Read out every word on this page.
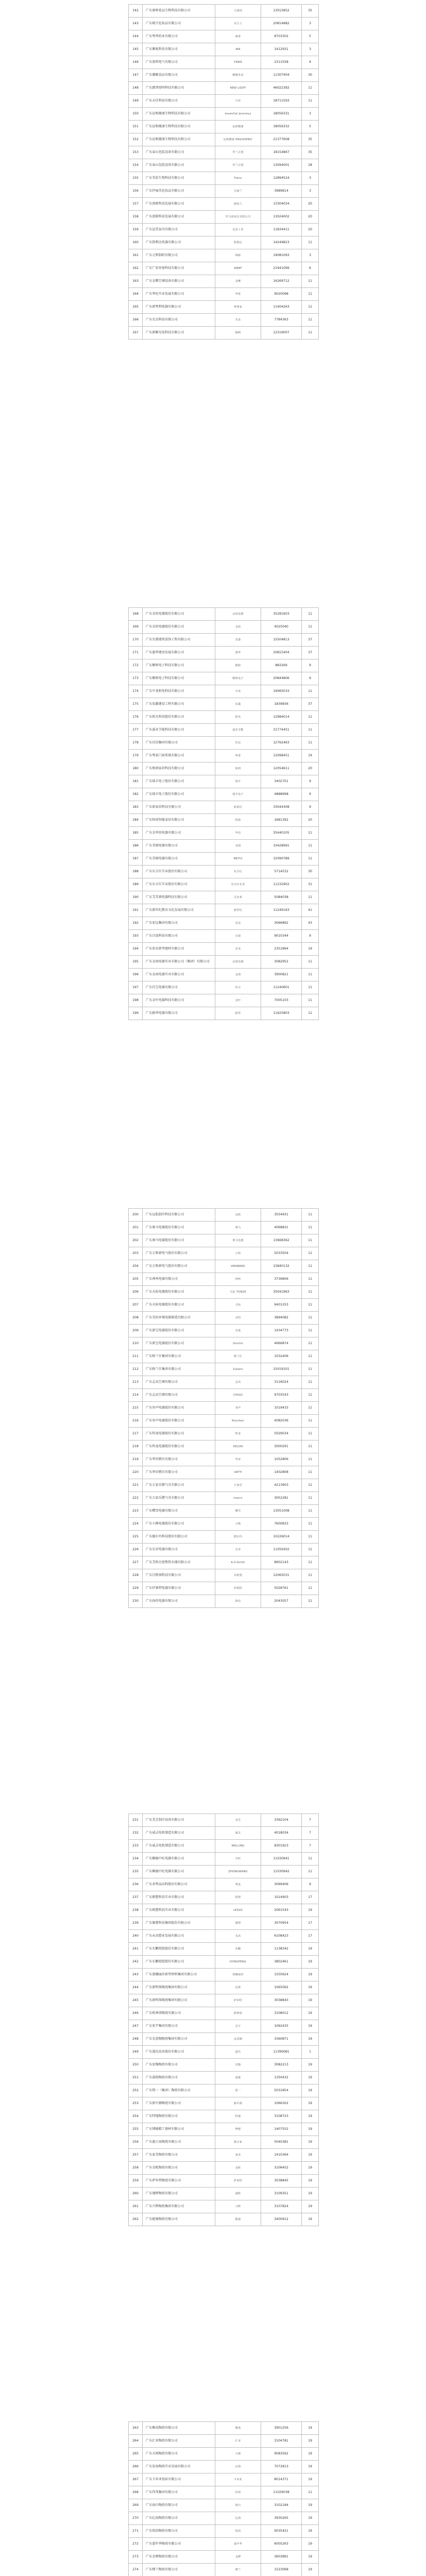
142	广东康帅优品生物科技有限公司	大康国	13015852	35
143	广东联兴化妆品有限公司	美力士	20814882	3
144	广东粤华药业有限公司	康泰	8703302	5
145	广东雅妮科技有限公司	ANI	1412931	3
146	广东盈科电气有限公司	YINKE	2311558	9
147	广东潮顺食品有限公司	顺顺乐动	11307404	30
148	广东朗普照明科技有限公司	NEW LIGHT	46022392	11
149	广东天佳科技有限公司	天佳	18711593	11
150	广东运和健康生物科技有限公司	essential Journeys	18056331	3
151	广东运和健康生物科技有限公司	运和健康	18056332	5
152	广东运和健康生物科技有限公司	运和健康 ERGOGENIC	21377608	35
153	广东泰山包装设备有限公司	罗兰古堡	18154867	35
154	广东泰山包装设备有限公司	罗兰古堡	13094001	18
155	广东美彩生物科技有限公司	Fiano	12894524	3
156	广东伊丽美化妆品有限公司	日丽兰	3989814	3
157	广东创联科技发展有限公司	丽家人	13304034	20
158	广东创联科技发展有限公司	罗马度家具有限公司	13024002	20
159	广东冠美家具有限公司	冠美工业	11834411	20
160	广东凯利达电器有限公司	凯利达	14249823	11
161	广东元利制药有限公司	锦源	19081093	3
162	广东广宏环保科技有限公司	AMBF	21941099	6
163	广东金鹰空调设备有限公司	金鹰	16269712	11
164	广东华伦实业发展有限公司	华伦	9020098	11
165	广东新粤利电器有限公司	粤利家	11404263	11
166	广东光良科技有限公司	光良	7784363	11
167	广东新颖光电科技有限公司	颖利	12319007	11
168	广东金铂电器股份有限公司	金铂电器	35281603	11
169	广东金铂电器股份有限公司	金铂	4025040	11
170	广东星港建筑装饰工程有限公司	星港	15504813	37
171	广东惠华建设发展有限公司	惠华	20815404	37
172	广东顺和电子科技有限公司	顺和	883269	9
173	广东顺和电子科技有限公司	顺和电子	20844806	9
174	广东中龙机电科技有限公司	中龙	19065033	11
175	广东宏鑫建设工程有限公司	宏鑫	1839836	37
176	广东阳光科技股份有限公司	阳光	12984014	11
177	广东嘉业节能科技有限公司	嘉业节能	31774451	11
178	广东佳信集团有限公司	佳信	12762463	11
179	广东粤泰门窗系统有限公司	粤泰	12098451	19
180	广东和润家居科技有限公司	和润	12054611	20
181	广东瑞丰电子股份有限公司	瑞丰	3402701	9
182	广东瑞丰电子股份有限公司	瑞丰电子	4888998	9
183	广东新泰信科技有限公司	新泰信	33044308	9
184	广东柏诺智能家居有限公司	柏诺	1681392	20
185	广东金华信电器有限公司	华信	35440105	11
186	广东美图电器有限公司	美图	10428991	11
187	广东美图电器有限公司	MEITU	15090789	11
188	广东东方红实业股份有限公司	东方红	5714532	30
189	广东东方红实业股份有限公司	东方红农业	11232902	31
190	广东艾美莱电器科技有限公司	艾美莱	5084038	11
191	广东新世纪教育文化发展有限公司	新世纪	11249163	41
192	广东宏远集团有限公司	宏远	3066892	43
193	广东百晟科技有限公司	百晟	9010344	9
194	广东宏业新型建材有限公司	宏业	2351894	19
195	广东金海电器实业有限公司（集团）有限公司	金海电器	3082952	11
196	广东金海电器实业有限公司	金海	3900821	11
197	广东佳宝电器有限公司	佳宝	11240601	11
198	广东金叶电器科技有限公司	金叶	7005103	11
199	广东振华电器有限公司	振华	11625803	11
200	广东远航制冷科技有限公司	远航	3554931	11
201	广东奥马电器股份有限公司	奥马	4068831	11
202	广东奥马电器股份有限公司	奥马电器	13668362	11
203	广东万和新电气股份有限公司	万和	5033504	11
204	广东万和新电气股份有限公司	VANWARD	15840132	11
205	广东神州电器有限公司	神州	3736806	11
206	广东天际电器股份有限公司	天际 TONZE	35041963	11
207	广东天际电器股份有限公司	天际	9401253	11
208	广东美的环境电器制造有限公司	美的	3894082	11
209	广东新宝电器股份有限公司	东菱	1434773	11
210	广东新宝电器股份有限公司	Donlim	4666874	11
211	广东格兰仕集团有限公司	格兰仕	1032406	11
212	广东格兰仕集团有限公司	Galanz	15019101	11
213	广东志高空调有限公司	志高	3116024	11
214	广东志高空调有限公司	CHIGO	9703543	11
215	广东容声电器股份有限公司	容声	1019433	11
216	广东容声电器股份有限公司	Ronshen	4082036	11
217	广东科龙电器股份有限公司	科龙	5029034	11
218	广东科龙电器股份有限公司	KELON	3000291	11
219	广东华帝燃具有限公司	华帝	1052806	11
220	广东华帝燃具有限公司	VATTI	1402808	11
221	广东万家乐燃气具有限公司	万家乐	4213903	11
222	广东万家乐燃气具有限公司	macro	3052281	11
223	广东樱雪电器有限公司	樱雪	13051008	11
224	广东小熊电器股份有限公司	小熊	7600833	11
225	广东德尔玛科技股份有限公司	德尔玛	10226014	11
226	广东长帝电器有限公司	长帝	11059302	11
227	广东艾欧史密斯热水器有限公司	A.O.Smith	8902143	11
228	广东百胜图科技有限公司	百胜图	12065031	11
229	广东伊莱特电器有限公司	伊莱特	5028761	11
230	广东海信电器有限公司	海信	2043057	11
231	广东美芝制冷设备有限公司	美芝	3392104	7
232	广东威灵电机制造有限公司	威灵	4018034	7
233	广东威灵电机制造有限公司	WELLING	8301923	7
234	广东顺德中旺电器有限公司	中旺	11030941	11
235	广东顺德中旺电器有限公司	ZHONGWANG	11030942	11
236	广东省粤晶高科股份有限公司	粤晶	3099406	9
237	广东联塑科技实业有限公司	联塑	1014903	17
238	广东联塑科技实业有限公司	LESSO	2061543	19
239	广东雄塑科技集团股份有限公司	雄塑	3070954	17
240	广东永高塑业发展有限公司	永高	6108423	17
241	广东东鹏控股股份有限公司	东鹏	1138342	19
242	广东东鹏控股股份有限公司	DONGPENG	3802461	19
243	广东蒙娜丽莎新型材料集团有限公司	蒙娜丽莎	1550924	19
244	广东新明珠陶瓷集团有限公司	冠珠	1065092	19
245	广东新明珠陶瓷集团有限公司	萨米特	3038843	19
246	广东欧神诺陶瓷有限公司	欧神诺	3108012	19
247	广东宏宇集团有限公司	宏宇	1092435	19
248	广东金意陶陶瓷集团有限公司	金意陶	3360871	19
249	广东道氏技术股份有限公司	道氏	11390081	1
250	广东宏陶陶瓷有限公司	宏陶	3082213	19
251	广东嘉俊陶瓷有限公司	嘉俊	1350432	19
252	广东简一（集团）陶瓷有限公司	简一	5031854	19
253	广东新中源陶瓷有限公司	新中源	1066302	19
254	广东特地陶瓷有限公司	特地	3108723	19
255	广东博德精工建材有限公司	博德	1407552	19
256	广东惠万家陶瓷有限公司	惠万家	5040381	19
257	广东家美陶瓷有限公司	家美	1410364	19
258	广东金舵陶瓷有限公司	金舵	3106452	19
259	广东萨米特陶瓷有限公司	萨米特	3038845	19
260	广东强辉陶瓷有限公司	强辉	3109351	19
261	广东兴辉陶瓷集团有限公司	兴辉	3107824	19
262	广东能强陶瓷有限公司	能强	3400912	19
263	广东顺成陶瓷有限公司	顺成	3901256	19
264	广东汇亚陶瓷有限公司	汇亚	3104781	19
265	广东天弼陶瓷有限公司	天弼	9083562	19
266	广东宏海陶瓷实业发展有限公司	宏海	7072813	19
267	广东卡米亚瓷砖有限公司	卡米亚	8014371	19
268	广东伟邦集团有限公司	伟邦	11029038	11
269	广东海川陶瓷有限公司	海川	3102184	19
270	广东亿海陶瓷有限公司	亿海	3930265	19
271	广东锐珀陶瓷有限公司	锐珀	9035421	19
272	广东嘉年华陶瓷有限公司	嘉年华	6005263	19
273	广东金牌陶瓷有限公司	金牌	3603891	19
274	广东楼兰陶瓷有限公司	楼兰	1523068	19
